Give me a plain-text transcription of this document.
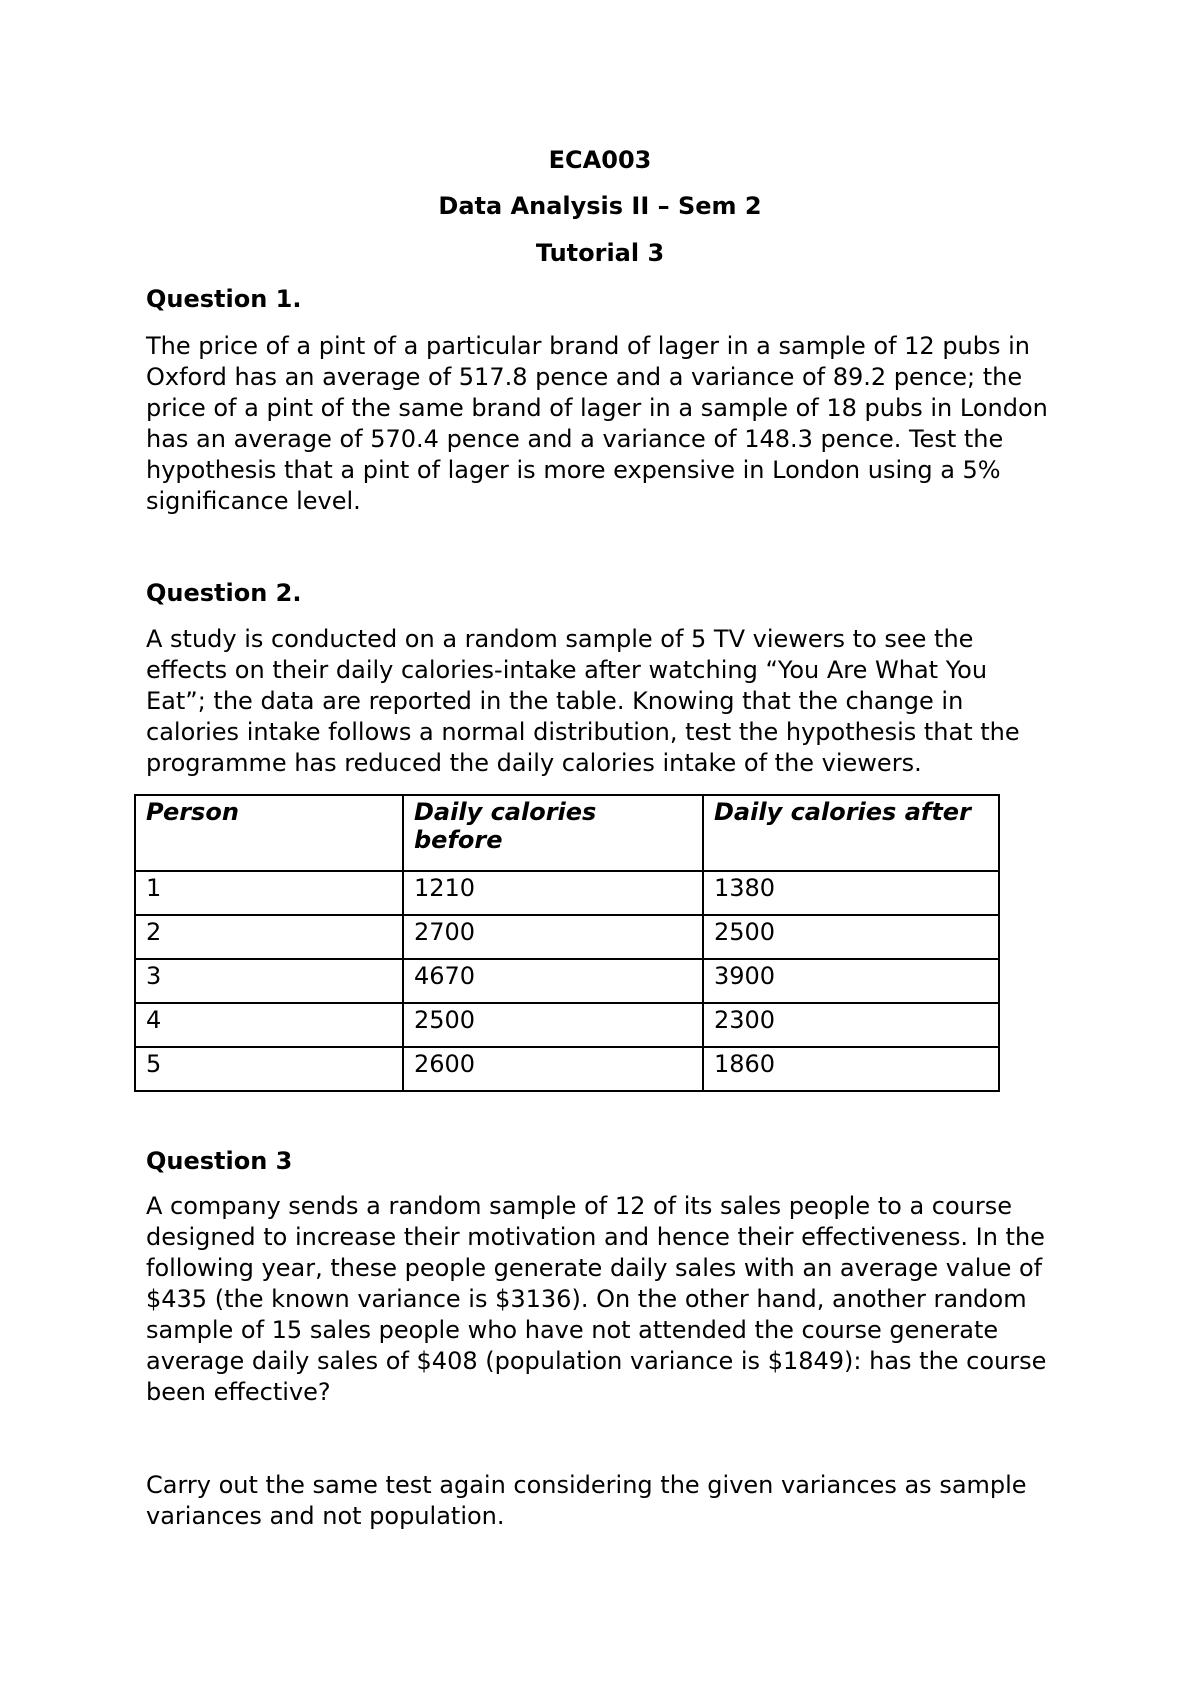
ECA003

Data Analysis II – Sem 2

Tutorial 3

Question 1.

The price of a pint of a particular brand of lager in a sample of 12 pubs in
Oxford has an average of 517.8 pence and a variance of 89.2 pence; the
price of a pint of the same brand of lager in a sample of 18 pubs in London
has an average of 570.4 pence and a variance of 148.3 pence. Test the
hypothesis that a pint of lager is more expensive in London using a 5%
significance level.

Question 2.

A study is conducted on a random sample of 5 TV viewers to see the
effects on their daily calories-intake after watching “You Are What You
Eat”; the data are reported in the table. Knowing that the change in
calories intake follows a normal distribution, test the hypothesis that the
programme has reduced the daily calories intake of the viewers.
Person	Daily calories before	Daily calories after
1	1210	1380
2	2700	2500
3	4670	3900
4	2500	2300
5	2600	1860

Question 3

A company sends a random sample of 12 of its sales people to a course
designed to increase their motivation and hence their effectiveness. In the
following year, these people generate daily sales with an average value of
$435 (the known variance is $3136). On the other hand, another random
sample of 15 sales people who have not attended the course generate
average daily sales of $408 (population variance is $1849): has the course
been effective?
Carry out the same test again considering the given variances as sample
variances and not population.
